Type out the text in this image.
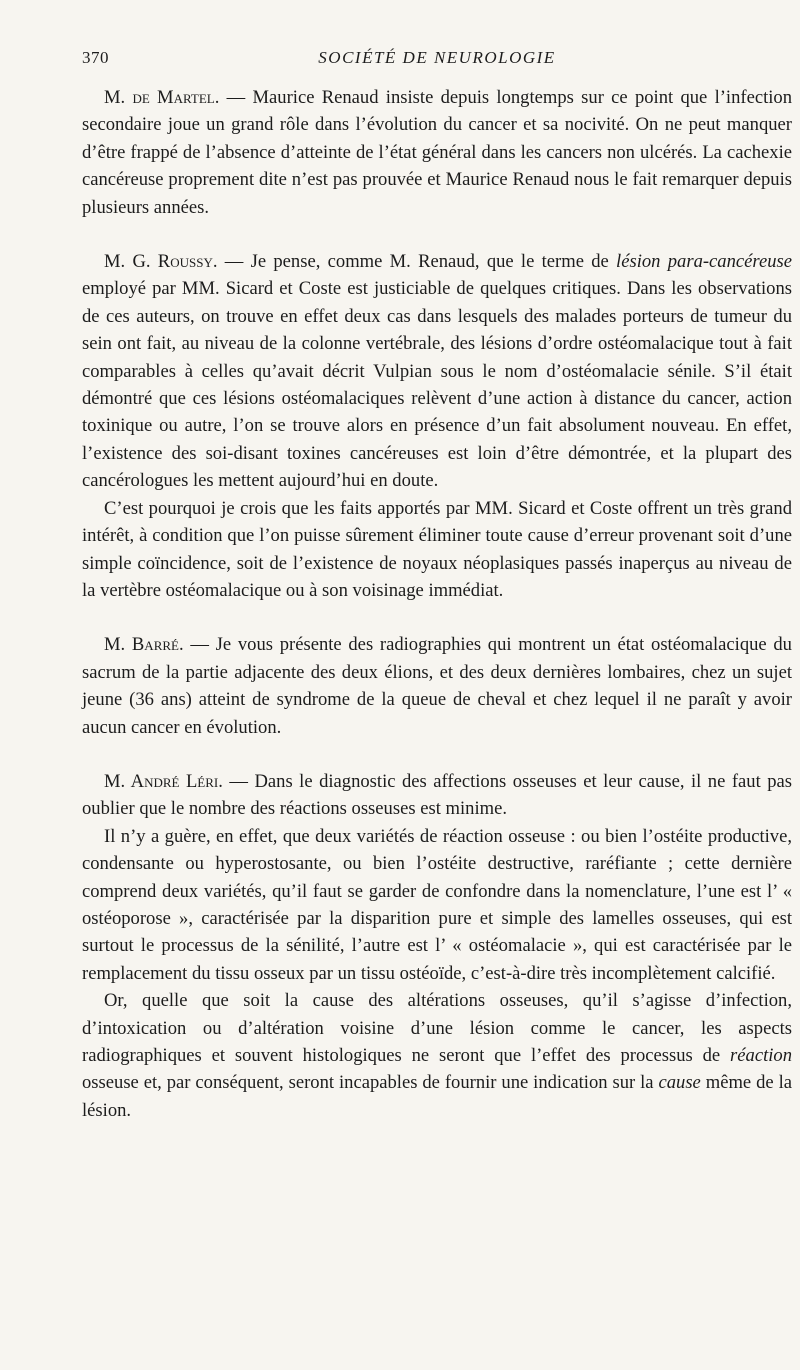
370	SOCIÉTÉ DE NEUROLOGIE

M. de Martel. — Maurice Renaud insiste depuis longtemps sur ce point que l’infection secondaire joue un grand rôle dans l’évolution du cancer et sa nocivité. On ne peut manquer d’être frappé de l’absence d’atteinte de l’état général dans les cancers non ulcérés. La cachexie cancéreuse proprement dite n’est pas prouvée et Maurice Renaud nous le fait remarquer depuis plusieurs années.

M. G. Roussy. — Je pense, comme M. Renaud, que le terme de lésion para-cancéreuse employé par MM. Sicard et Coste est justiciable de quelques critiques. Dans les observations de ces auteurs, on trouve en effet deux cas dans lesquels des malades porteurs de tumeur du sein ont fait, au niveau de la colonne vertébrale, des lésions d’ordre ostéomalacique tout à fait comparables à celles qu’avait décrit Vulpian sous le nom d’ostéomalacie sénile. S’il était démontré que ces lésions ostéomalaciques relèvent d’une action à distance du cancer, action toxinique ou autre, l’on se trouve alors en présence d’un fait absolument nouveau. En effet, l’existence des soi-disant toxines cancéreuses est loin d’être démontrée, et la plupart des cancérologues les mettent aujourd’hui en doute.

C’est pourquoi je crois que les faits apportés par MM. Sicard et Coste offrent un très grand intérêt, à condition que l’on puisse sûrement éliminer toute cause d’erreur provenant soit d’une simple coïncidence, soit de l’existence de noyaux néoplasiques passés inaperçus au niveau de la vertèbre ostéomalacique ou à son voisinage immédiat.

M. Barré. — Je vous présente des radiographies qui montrent un état ostéomalacique du sacrum de la partie adjacente des deux élions, et des deux dernières lombaires, chez un sujet jeune (36 ans) atteint de syndrome de la queue de cheval et chez lequel il ne paraît y avoir aucun cancer en évolution.

M. André Léri. — Dans le diagnostic des affections osseuses et leur cause, il ne faut pas oublier que le nombre des réactions osseuses est minime.

Il n’y a guère, en effet, que deux variétés de réaction osseuse : ou bien l’ostéite productive, condensante ou hyperostosante, ou bien l’ostéite destructive, raréfiante ; cette dernière comprend deux variétés, qu’il faut se garder de confondre dans la nomenclature, l’une est l’ « ostéoporose », caractérisée par la disparition pure et simple des lamelles osseuses, qui est surtout le processus de la sénilité, l’autre est l’ « ostéomalacie », qui est caractérisée par le remplacement du tissu osseux par un tissu ostéoïde, c’est-à-dire très incomplètement calcifié.

Or, quelle que soit la cause des altérations osseuses, qu’il s’agisse d’infection, d’intoxication ou d’altération voisine d’une lésion comme le cancer, les aspects radiographiques et souvent histologiques ne seront que l’effet des processus de réaction osseuse et, par conséquent, seront incapables de fournir une indication sur la cause même de la lésion.
